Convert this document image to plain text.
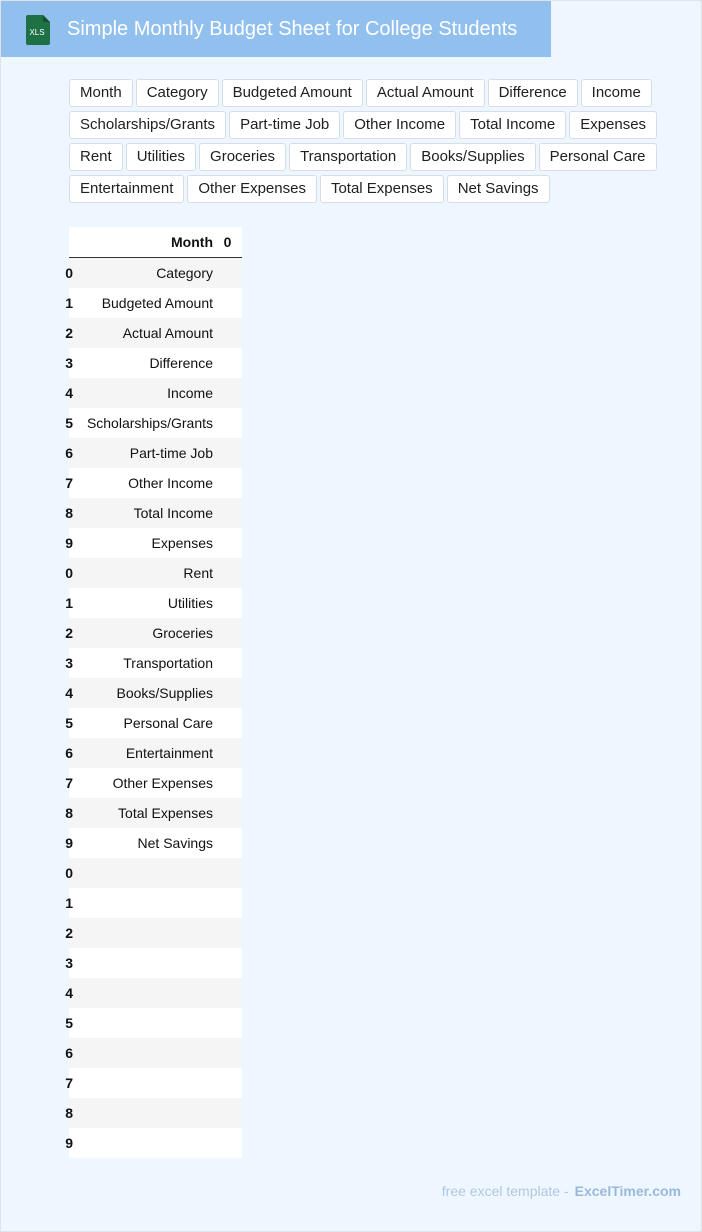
XLS Simple Monthly Budget Sheet for College Students
Month	Category	Budgeted Amount	Actual Amount	Difference	Income
Scholarships/Grants	Part-time Job	Other Income	Total Income	Expenses
Rent	Utilities	Groceries	Transportation	Books/Supplies	Personal Care
Entertainment	Other Expenses	Total Expenses	Net Savings
	Month	0
0	Category	
1	Budgeted Amount	
2	Actual Amount	
3	Difference	
4	Income	
5	Scholarships/Grants	
6	Part-time Job	
7	Other Income	
8	Total Income	
9	Expenses	
0	Rent	
1	Utilities	
2	Groceries	
3	Transportation	
4	Books/Supplies	
5	Personal Care	
6	Entertainment	
7	Other Expenses	
8	Total Expenses	
9	Net Savings	
0		
1		
2		
3		
4		
5		
6		
7		
8		
9		
free excel template - ExcelTimer.com
